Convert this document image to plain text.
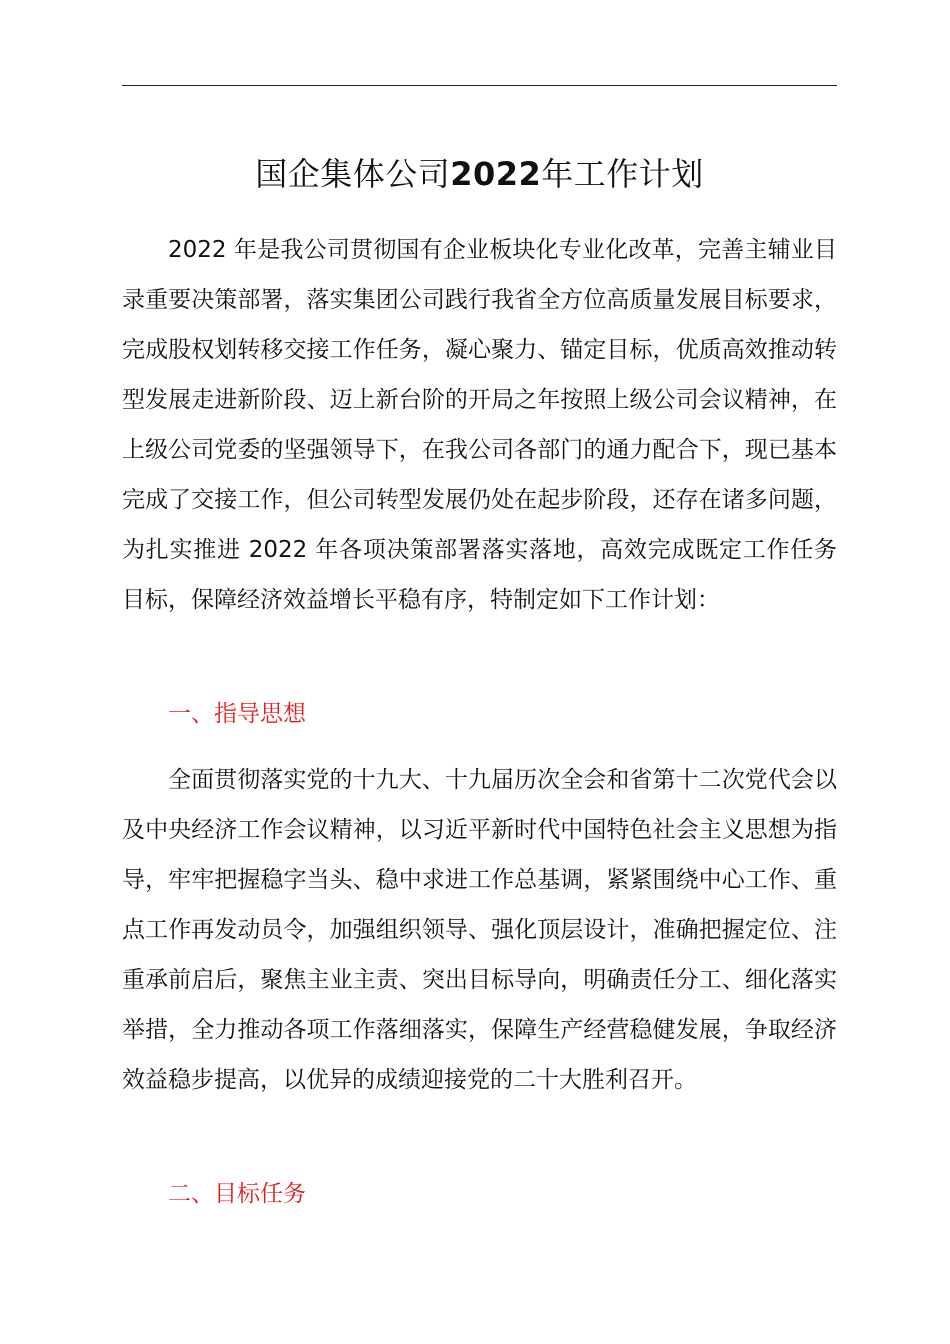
国企集体公司2022年工作计划

2022 年是我公司贯彻国有企业板块化专业化改革，完善主辅业目录重要决策部署，落实集团公司践行我省全方位高质量发展目标要求，完成股权划转移交接工作任务，凝心聚力、锚定目标，优质高效推动转型发展走进新阶段、迈上新台阶的开局之年按照上级公司会议精神，在上级公司党委的坚强领导下，在我公司各部门的通力配合下，现已基本完成了交接工作，但公司转型发展仍处在起步阶段，还存在诸多问题，为扎实推进 2022 年各项决策部署落实落地，高效完成既定工作任务目标，保障经济效益增长平稳有序，特制定如下工作计划：

一、指导思想

全面贯彻落实党的十九大、十九届历次全会和省第十二次党代会以及中央经济工作会议精神，以习近平新时代中国特色社会主义思想为指导，牢牢把握稳字当头、稳中求进工作总基调，紧紧围绕中心工作、重点工作再发动员令，加强组织领导、强化顶层设计，准确把握定位、注重承前启后，聚焦主业主责、突出目标导向，明确责任分工、细化落实举措，全力推动各项工作落细落实，保障生产经营稳健发展，争取经济效益稳步提高，以优异的成绩迎接党的二十大胜利召开。

二、目标任务
